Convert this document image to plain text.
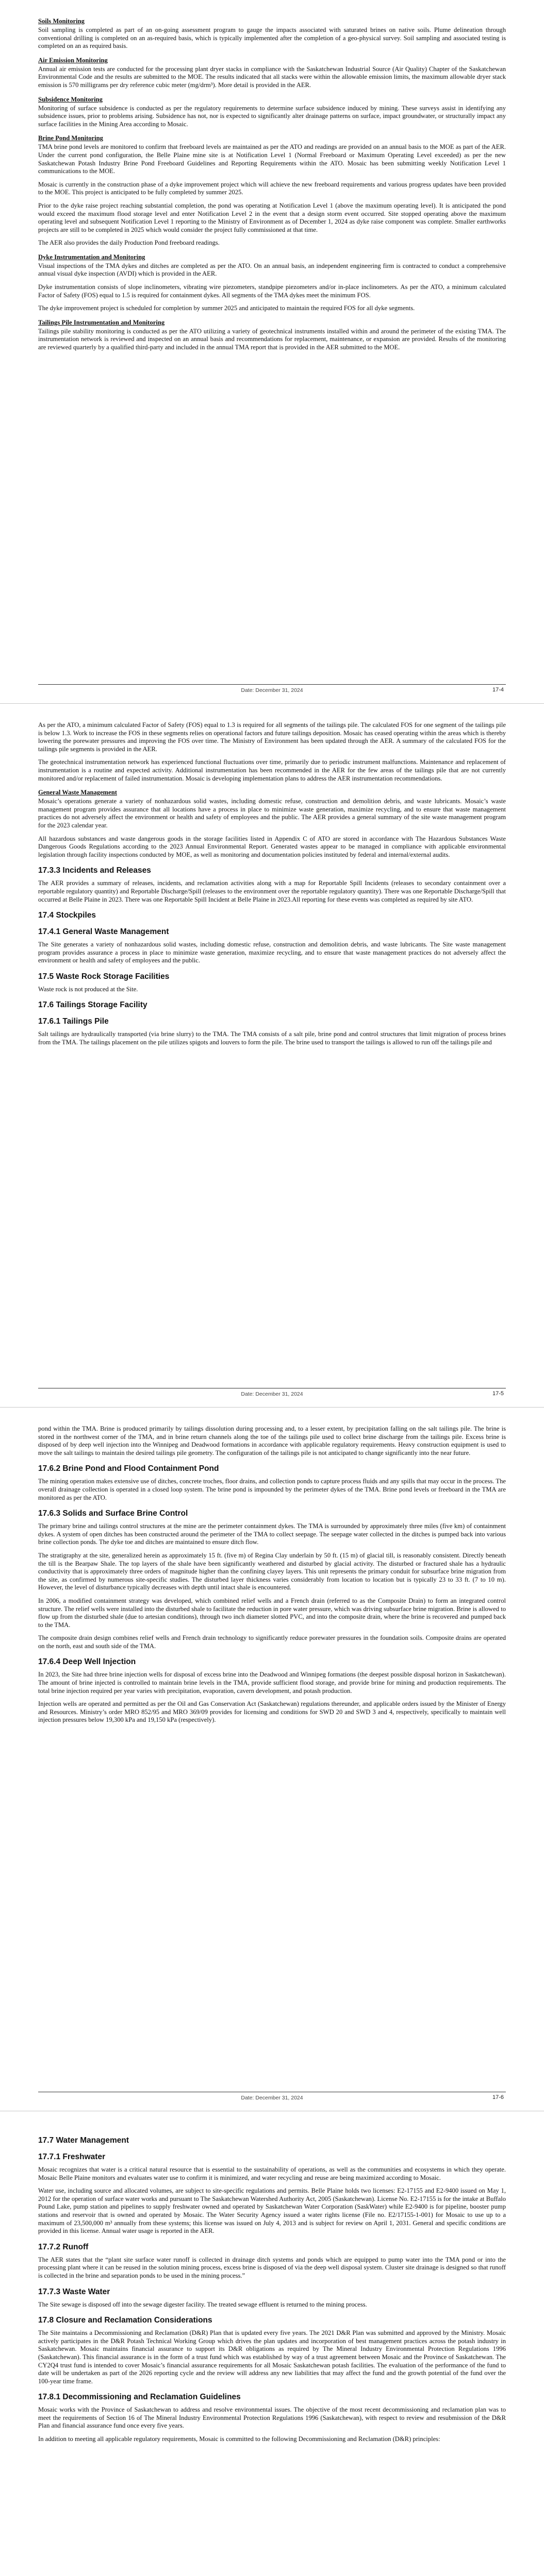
Soils Monitoring

Soil sampling is completed as part of an on-going assessment program to gauge the impacts associated with saturated brines on native soils. Plume delineation through conventional drilling is completed on an as-required basis, which is typically implemented after the completion of a geo-physical survey. Soil sampling and associated testing is completed on an as required basis.

Air Emission Monitoring

Annual air emission tests are conducted for the processing plant dryer stacks in compliance with the Saskatchewan Industrial Source (Air Quality) Chapter of the Saskatchewan Environmental Code and the results are submitted to the MOE. The results indicated that all stacks were within the allowable emission limits, the maximum allowable dryer stack emission is 570 milligrams per dry reference cubic meter (mg/drm³). More detail is provided in the AER.

Subsidence Monitoring

Monitoring of surface subsidence is conducted as per the regulatory requirements to determine surface subsidence induced by mining. These surveys assist in identifying any subsidence issues, prior to problems arising. Subsidence has not, nor is expected to significantly alter drainage patterns on surface, impact groundwater, or structurally impact any surface facilities in the Mining Area according to Mosaic.

Brine Pond Monitoring

TMA brine pond levels are monitored to confirm that freeboard levels are maintained as per the ATO and readings are provided on an annual basis to the MOE as part of the AER. Under the current pond configuration, the Belle Plaine mine site is at Notification Level 1 (Normal Freeboard or Maximum Operating Level exceeded) as per the new Saskatchewan Potash Industry Brine Pond Freeboard Guidelines and Reporting Requirements within the ATO. Mosaic has been submitting weekly Notification Level 1 communications to the MOE.

Mosaic is currently in the construction phase of a dyke improvement project which will achieve the new freeboard requirements and various progress updates have been provided to the MOE. This project is anticipated to be fully completed by summer 2025.

Prior to the dyke raise project reaching substantial completion, the pond was operating at Notification Level 1 (above the maximum operating level). It is anticipated the pond would exceed the maximum flood storage level and enter Notification Level 2 in the event that a design storm event occurred. Site stopped operating above the maximum operating level and subsequent Notification Level 1 reporting to the Ministry of Environment as of December 1, 2024 as dyke raise component was complete. Smaller earthworks projects are still to be completed in 2025 which would consider the project fully commissioned at that time.

The AER also provides the daily Production Pond freeboard readings.

Dyke Instrumentation and Monitoring

Visual inspections of the TMA dykes and ditches are completed as per the ATO. On an annual basis, an independent engineering firm is contracted to conduct a comprehensive annual visual dyke inspection (AVDI) which is provided in the AER.

Dyke instrumentation consists of slope inclinometers, vibrating wire piezometers, standpipe piezometers and/or in-place inclinometers. As per the ATO, a minimum calculated Factor of Safety (FOS) equal to 1.5 is required for containment dykes. All segments of the TMA dykes meet the minimum FOS.

The dyke improvement project is scheduled for completion by summer 2025 and anticipated to maintain the required FOS for all dyke segments.

Tailings Pile Instrumentation and Monitoring

Tailings pile stability monitoring is conducted as per the ATO utilizing a variety of geotechnical instruments installed within and around the perimeter of the existing TMA. The instrumentation network is reviewed and inspected on an annual basis and recommendations for replacement, maintenance, or expansion are provided. Results of the monitoring are reviewed quarterly by a qualified third-party and included in the annual TMA report that is provided in the AER submitted to the MOE.

Date: December 31, 2024	17-4

As per the ATO, a minimum calculated Factor of Safety (FOS) equal to 1.3 is required for all segments of the tailings pile. The calculated FOS for one segment of the tailings pile is below 1.3. Work to increase the FOS in these segments relies on operational factors and future tailings deposition. Mosaic has ceased operating within the areas which is thereby lowering the porewater pressures and improving the FOS over time. The Ministry of Environment has been updated through the AER. A summary of the calculated FOS for the tailings pile segments is provided in the AER.

The geotechnical instrumentation network has experienced functional fluctuations over time, primarily due to periodic instrument malfunctions. Maintenance and replacement of instrumentation is a routine and expected activity. Additional instrumentation has been recommended in the AER for the few areas of the tailings pile that are not currently monitored and/or replacement of failed instrumentation. Mosaic is developing implementation plans to address the AER instrumentation recommendations.

General Waste Management

Mosaic’s operations generate a variety of nonhazardous solid wastes, including domestic refuse, construction and demolition debris, and waste lubricants. Mosaic’s waste management program provides assurance that all locations have a process in place to minimize waste generation, maximize recycling, and to ensure that waste management practices do not adversely affect the environment or health and safety of employees and the public. The AER provides a general summary of the site waste management program for the 2023 calendar year.

All hazardous substances and waste dangerous goods in the storage facilities listed in Appendix C of ATO are stored in accordance with The Hazardous Substances Waste Dangerous Goods Regulations according to the 2023 Annual Environmental Report. Generated wastes appear to be managed in compliance with applicable environmental legislation through facility inspections conducted by MOE, as well as monitoring and documentation policies instituted by federal and internal/external audits.

17.3.3 Incidents and Releases

The AER provides a summary of releases, incidents, and reclamation activities along with a map for Reportable Spill Incidents (releases to secondary containment over a reportable regulatory quantity) and Reportable Discharge/Spill (releases to the environment over the reportable regulatory quantity). There was one Reportable Discharge/Spill that occurred at Belle Plaine in 2023. There was one Reportable Spill Incident at Belle Plaine in 2023.All reporting for these events was completed as required by site ATO.

17.4 Stockpiles
17.4.1 General Waste Management

The Site generates a variety of nonhazardous solid wastes, including domestic refuse, construction and demolition debris, and waste lubricants. The Site waste management program provides assurance a process in place to minimize waste generation, maximize recycling, and to ensure that waste management practices do not adversely affect the environment or health and safety of employees and the public.

17.5 Waste Rock Storage Facilities

Waste rock is not produced at the Site.

17.6 Tailings Storage Facility
17.6.1 Tailings Pile

Salt tailings are hydraulically transported (via brine slurry) to the TMA. The TMA consists of a salt pile, brine pond and control structures that limit migration of process brines from the TMA. The tailings placement on the pile utilizes spigots and louvers to form the pile. The brine used to transport the tailings is allowed to run off the tailings pile and

Date: December 31, 2024	17-5

pond within the TMA. Brine is produced primarily by tailings dissolution during processing and, to a lesser extent, by precipitation falling on the salt tailings pile. The brine is stored in the northwest corner of the TMA, and in brine return channels along the toe of the tailings pile used to collect brine discharge from the tailings pile. Excess brine is disposed of by deep well injection into the Winnipeg and Deadwood formations in accordance with applicable regulatory requirements. Heavy construction equipment is used to move the salt tailings to maintain the desired tailings pile geometry. The configuration of the tailings pile is not anticipated to change significantly into the near future.

17.6.2 Brine Pond and Flood Containment Pond

The mining operation makes extensive use of ditches, concrete troches, floor drains, and collection ponds to capture process fluids and any spills that may occur in the process. The overall drainage collection is operated in a closed loop system. The brine pond is impounded by the perimeter dykes of the TMA. Brine pond levels or freeboard in the TMA are monitored as per the ATO.

17.6.3 Solids and Surface Brine Control

The primary brine and tailings control structures at the mine are the perimeter containment dykes. The TMA is surrounded by approximately three miles (five km) of containment dykes. A system of open ditches has been constructed around the perimeter of the TMA to collect seepage. The seepage water collected in the ditches is pumped back into various brine collection ponds. The dyke toe and ditches are maintained to ensure ditch flow.

The stratigraphy at the site, generalized herein as approximately 15 ft. (five m) of Regina Clay underlain by 50 ft. (15 m) of glacial till, is reasonably consistent. Directly beneath the till is the Bearpaw Shale. The top layers of the shale have been significantly weathered and disturbed by glacial activity. The disturbed or fractured shale has a hydraulic conductivity that is approximately three orders of magnitude higher than the confining clayey layers. This unit represents the primary conduit for subsurface brine migration from the site, as confirmed by numerous site-specific studies. The disturbed layer thickness varies considerably from location to location but is typically 23 to 33 ft. (7 to 10 m). However, the level of disturbance typically decreases with depth until intact shale is encountered.

In 2006, a modified containment strategy was developed, which combined relief wells and a French drain (referred to as the Composite Drain) to form an integrated control structure. The relief wells were installed into the disturbed shale to facilitate the reduction in pore water pressure, which was driving subsurface brine migration. Brine is allowed to flow up from the disturbed shale (due to artesian conditions), through two inch diameter slotted PVC, and into the composite drain, where the brine is recovered and pumped back to the TMA.

The composite drain design combines relief wells and French drain technology to significantly reduce porewater pressures in the foundation soils. Composite drains are operated on the north, east and south side of the TMA.

17.6.4 Deep Well Injection

In 2023, the Site had three brine injection wells for disposal of excess brine into the Deadwood and Winnipeg formations (the deepest possible disposal horizon in Saskatchewan). The amount of brine injected is controlled to maintain brine levels in the TMA, provide sufficient flood storage, and provide brine for mining and production requirements. The total brine injection required per year varies with precipitation, evaporation, cavern development, and potash production.

Injection wells are operated and permitted as per the Oil and Gas Conservation Act (Saskatchewan) regulations thereunder, and applicable orders issued by the Minister of Energy and Resources. Ministry’s order MRO 852/95 and MRO 369/09 provides for licensing and conditions for SWD 20 and SWD 3 and 4, respectively, specifically to maintain well injection pressures below 19,300 kPa and 19,150 kPa (respectively).

Date: December 31, 2024	17-6
17.7 Water Management
17.7.1 Freshwater

Mosaic recognizes that water is a critical natural resource that is essential to the sustainability of operations, as well as the communities and ecosystems in which they operate. Mosaic Belle Plaine monitors and evaluates water use to confirm it is minimized, and water recycling and reuse are being maximized according to Mosaic.

Water use, including source and allocated volumes, are subject to site-specific regulations and permits. Belle Plaine holds two licenses: E2-17155 and E2-9400 issued on May 1, 2012 for the operation of surface water works and pursuant to The Saskatchewan Watershed Authority Act, 2005 (Saskatchewan). License No. E2-17155 is for the intake at Buffalo Pound Lake, pump station and pipelines to supply freshwater owned and operated by Saskatchewan Water Corporation (SaskWater) while E2-9400 is for pipeline, booster pump stations and reservoir that is owned and operated by Mosaic. The Water Security Agency issued a water rights license (File no. E2/17155-1-001) for Mosaic to use up to a maximum of 23,500,000 m³ annually from these systems; this license was issued on July 4, 2013 and is subject for review on April 1, 2031. General and specific conditions are provided in this license. Annual water usage is reported in the AER.

17.7.2 Runoff

The AER states that the “plant site surface water runoff is collected in drainage ditch systems and ponds which are equipped to pump water into the TMA pond or into the processing plant where it can be reused in the solution mining process, excess brine is disposed of via the deep well disposal system. Cluster site drainage is designed so that runoff is collected in the brine and separation ponds to be used in the mining process.”

17.7.3 Waste Water

The Site sewage is disposed off into the sewage digester facility. The treated sewage effluent is returned to the mining process.

17.8 Closure and Reclamation Considerations

The Site maintains a Decommissioning and Reclamation (D&R) Plan that is updated every five years. The 2021 D&R Plan was submitted and approved by the Ministry. Mosaic actively participates in the D&R Potash Technical Working Group which drives the plan updates and incorporation of best management practices across the potash industry in Saskatchewan. Mosaic maintains financial assurance to support its D&R obligations as required by The Mineral Industry Environmental Protection Regulations 1996 (Saskatchewan). This financial assurance is in the form of a trust fund which was established by way of a trust agreement between Mosaic and the Province of Saskatchewan. The CY2Q4 trust fund is intended to cover Mosaic’s financial assurance requirements for all Mosaic Saskatchewan potash facilities. The evaluation of the performance of the fund to date will be undertaken as part of the 2026 reporting cycle and the review will address any new liabilities that may affect the fund and the growth potential of the fund over the 100-year time frame.

17.8.1 Decommissioning and Reclamation Guidelines

Mosaic works with the Province of Saskatchewan to address and resolve environmental issues. The objective of the most recent decommissioning and reclamation plan was to meet the requirements of Section 16 of The Mineral Industry Environmental Protection Regulations 1996 (Saskatchewan), with respect to review and resubmission of the D&R Plan and financial assurance fund once every five years.

In addition to meeting all applicable regulatory requirements, Mosaic is committed to the following Decommissioning and Reclamation (D&R) principles:
